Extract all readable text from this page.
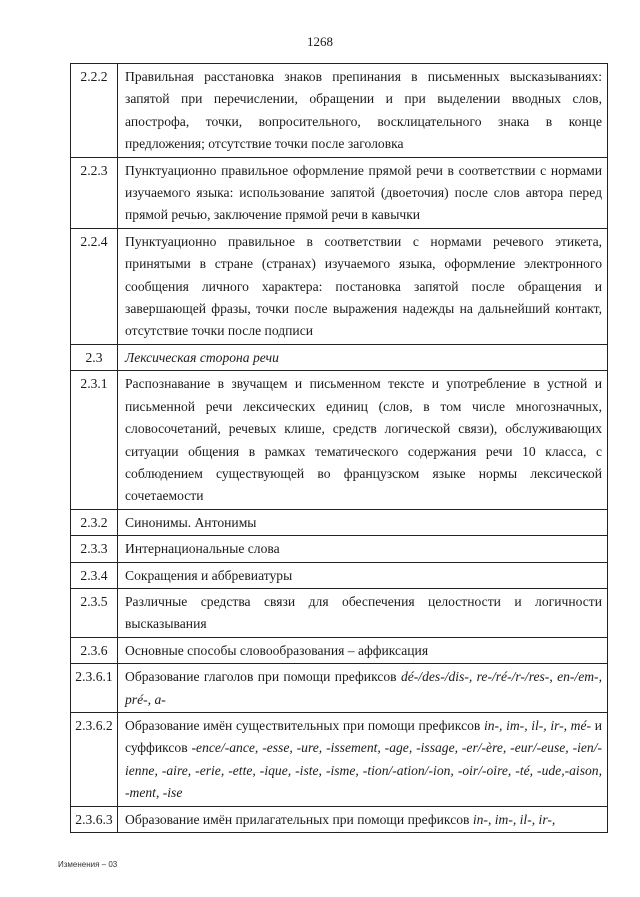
1268
2.2.2	Правильная расстановка знаков препинания в письменных высказываниях: запятой при перечислении, обращении и при выделении вводных слов, апострофа, точки, вопросительного, восклицательного знака в конце предложения; отсутствие точки после заголовка
2.2.3	Пунктуационно правильное оформление прямой речи в соответствии с нормами изучаемого языка: использование запятой (двоеточия) после слов автора перед прямой речью, заключение прямой речи в кавычки
2.2.4	Пунктуационно правильное в соответствии с нормами речевого этикета, принятыми в стране (странах) изучаемого языка, оформление электронного сообщения личного характера: постановка запятой после обращения и завершающей фразы, точки после выражения надежды на дальнейший контакт, отсутствие точки после подписи
2.3	Лексическая сторона речи
2.3.1	Распознавание в звучащем и письменном тексте и употребление в устной и письменной речи лексических единиц (слов, в том числе многозначных, словосочетаний, речевых клише, средств логической связи), обслуживающих ситуации общения в рамках тематического содержания речи 10 класса, с соблюдением существующей во французском языке нормы лексической сочетаемости
2.3.2	Синонимы. Антонимы
2.3.3	Интернациональные слова
2.3.4	Сокращения и аббревиатуры
2.3.5	Различные средства связи для обеспечения целостности и логичности высказывания
2.3.6	Основные способы словообразования – аффиксация
2.3.6.1	Образование глаголов при помощи префиксов dé-/des-/dis-, re-/ré-/r-/res-, en-/em-, pré-, a-
2.3.6.2	Образование имён существительных при помощи префиксов in-, im-, il-, ir-, mé- и суффиксов -ence/-ance, -esse, -ure, -issement, -age, -issage, -er/-ère, -eur/-euse, -ien/-ienne, -aire, -erie, -ette, -ique, -iste, -isme, -tion/-ation/-ion, -oir/-oire, -té, -ude,-aison, -ment, -ise
2.3.6.3	Образование имён прилагательных при помощи префиксов in-, im-, il-, ir-,
Изменения – 03
